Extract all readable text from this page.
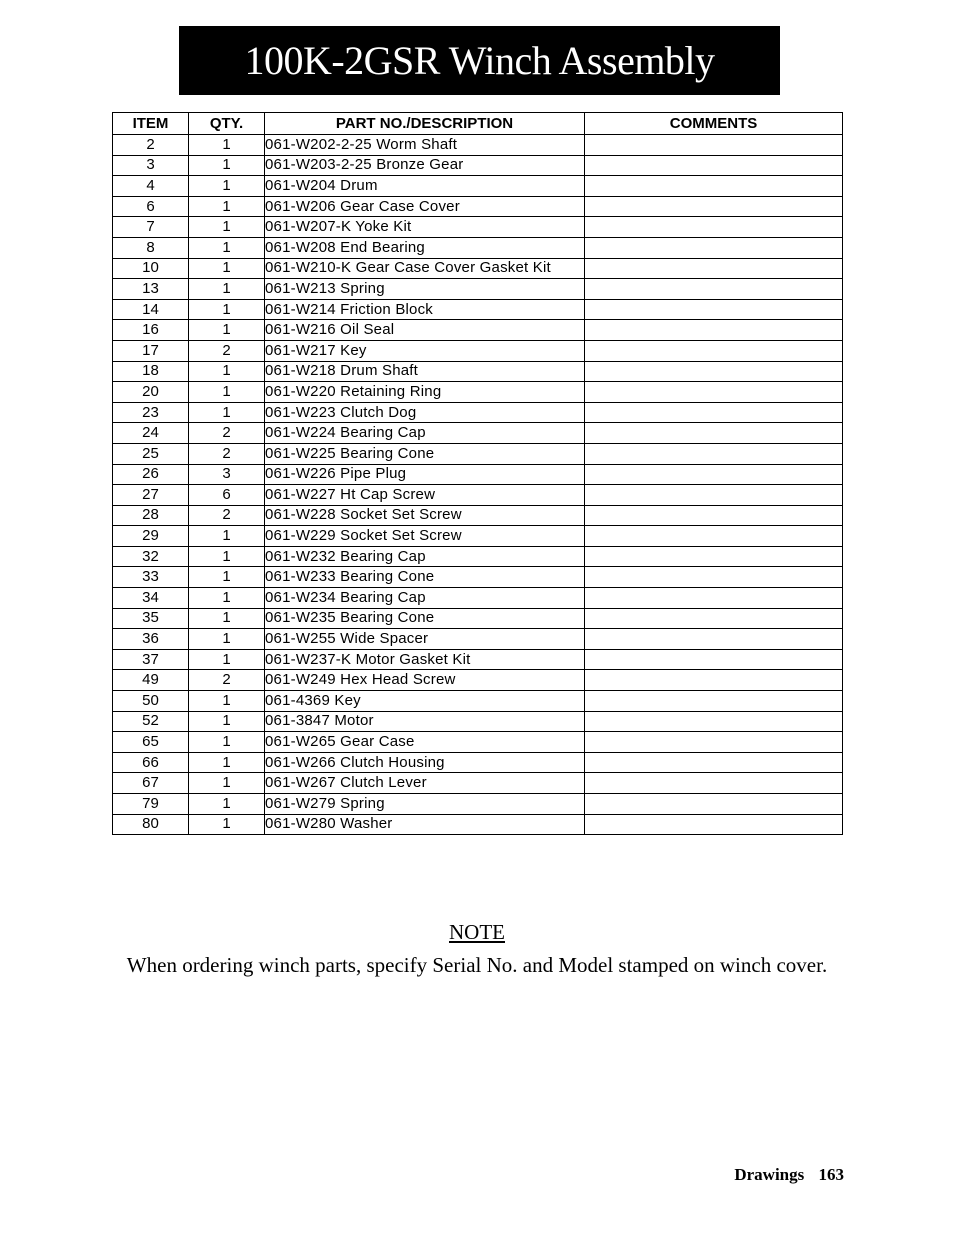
100K-2GSR Winch Assembly
ITEM	QTY.	PART NO./DESCRIPTION	COMMENTS
2	1	061-W202-2-25 Worm Shaft	
3	1	061-W203-2-25 Bronze Gear	
4	1	061-W204 Drum	
6	1	061-W206 Gear Case Cover	
7	1	061-W207-K Yoke Kit	
8	1	061-W208 End Bearing	
10	1	061-W210-K Gear Case Cover Gasket Kit	
13	1	061-W213 Spring	
14	1	061-W214 Friction Block	
16	1	061-W216 Oil Seal	
17	2	061-W217 Key	
18	1	061-W218 Drum Shaft	
20	1	061-W220 Retaining Ring	
23	1	061-W223 Clutch Dog	
24	2	061-W224 Bearing Cap	
25	2	061-W225 Bearing Cone	
26	3	061-W226 Pipe Plug	
27	6	061-W227 Ht Cap Screw	
28	2	061-W228 Socket Set Screw	
29	1	061-W229 Socket Set Screw	
32	1	061-W232 Bearing Cap	
33	1	061-W233 Bearing Cone	
34	1	061-W234 Bearing Cap	
35	1	061-W235 Bearing Cone	
36	1	061-W255 Wide Spacer	
37	1	061-W237-K Motor Gasket Kit	
49	2	061-W249 Hex Head Screw	
50	1	061-4369 Key	
52	1	061-3847 Motor	
65	1	061-W265 Gear Case	
66	1	061-W266 Clutch Housing	
67	1	061-W267 Clutch Lever	
79	1	061-W279 Spring	
80	1	061-W280 Washer	
NOTE
When ordering winch parts, specify Serial No. and Model stamped on winch cover.
Drawings 163
